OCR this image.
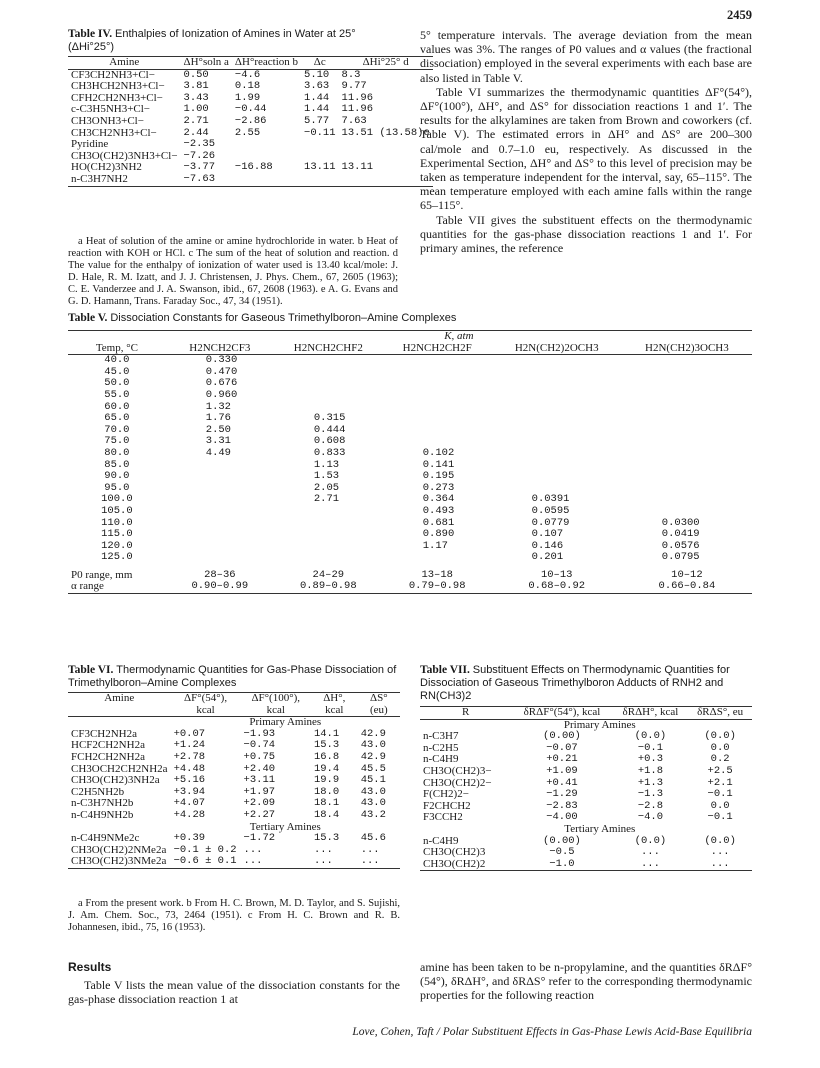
2459
Table IV. Enthalpies of Ionization of Amines in Water at 25° (ΔHi°25°)
Amine	ΔH°soln a	ΔH°reaction b	Δc	ΔHi°25° d
CF3CH2NH3+Cl−	0.50	−4.6	5.10	8.3
CH3HCH2NH3+Cl−	3.81	0.18	3.63	9.77
CFH2CH2NH3+Cl−	3.43	1.99	1.44	11.96
c-C3H5NH3+Cl−	1.00	−0.44	1.44	11.96
CH3ONH3+Cl−	2.71	−2.86	5.77	7.63
CH3CH2NH3+Cl−	2.44	2.55	−0.11	13.51 (13.58)e
Pyridine	−2.35			
CH3O(CH2)3NH3+Cl−	−7.26			
HO(CH2)3NH2	−3.77	−16.88	13.11	13.11
n-C3H7NH2	−7.63			

a Heat of solution of the amine or amine hydrochloride in water. b Heat of reaction with KOH or HCl. c The sum of the heat of solution and reaction. d The value for the enthalpy of ionization of water used is 13.40 kcal/mole: J. D. Hale, R. M. Izatt, and J. J. Christensen, J. Phys. Chem., 67, 2605 (1963); C. E. Vanderzee and J. A. Swanson, ibid., 67, 2608 (1963). e A. G. Evans and G. D. Hamann, Trans. Faraday Soc., 47, 34 (1951).

5° temperature intervals. The average deviation from the mean values was 3%. The ranges of P0 values and α values (the fractional dissociation) employed in the several experiments with each base are also listed in Table V.

Table VI summarizes the thermodynamic quantities ΔF°(54°), ΔF°(100°), ΔH°, and ΔS° for dissociation reactions 1 and 1′. The results for the alkylamines are taken from Brown and coworkers (cf. Table V). The estimated errors in ΔH° and ΔS° are 200–300 cal/mole and 0.7–1.0 eu, respectively. As discussed in the Experimental Section, ΔH° and ΔS° to this level of precision may be taken as temperature independent for the interval, say, 65–115°. The mean temperature employed with each amine falls within the range 65–115°.

Table VII gives the substituent effects on the thermodynamic quantities for the gas-phase dissociation reactions 1 and 1′. For primary amines, the reference

Table V. Dissociation Constants for Gaseous Trimethylboron–Amine Complexes
	K, atm				
Temp, °C	H2NCH2CF3	H2NCH2CHF2	H2NCH2CH2F	H2N(CH2)2OCH3	H2N(CH2)3OCH3
40.0	0.330				
45.0	0.470				
50.0	0.676				
55.0	0.960				
60.0	1.32				
65.0	1.76	0.315			
70.0	2.50	0.444			
75.0	3.31	0.608			
80.0	4.49	0.833	0.102		
85.0		1.13	0.141		
90.0		1.53	0.195		
95.0		2.05	0.273		
100.0		2.71	0.364	0.0391	
105.0			0.493	0.0595	
110.0			0.681	0.0779	0.0300
115.0			0.890	0.107	0.0419
120.0			1.17	0.146	0.0576
125.0				0.201	0.0795

P0 range, mm	28–36	24–29	13–18	10–13	10–12
α range	0.90–0.99	0.89–0.98	0.79–0.98	0.68–0.92	0.66–0.84
Table VI. Thermodynamic Quantities for Gas-Phase Dissociation of Trimethylboron–Amine Complexes
Amine	ΔF°(54°), kcal	ΔF°(100°), kcal	ΔH°, kcal	ΔS° (eu)
	Primary Amines			
CF3CH2NH2a	+0.07	−1.93	14.1	42.9
HCF2CH2NH2a	+1.24	−0.74	15.3	43.0
FCH2CH2NH2a	+2.78	+0.75	16.8	42.9
CH3OCH2CH2NH2a	+4.48	+2.40	19.4	45.5
CH3O(CH2)3NH2a	+5.16	+3.11	19.9	45.1
C2H5NH2b	+3.94	+1.97	18.0	43.0
n-C3H7NH2b	+4.07	+2.09	18.1	43.0
n-C4H9NH2b	+4.28	+2.27	18.4	43.2
	Tertiary Amines			
n-C4H9NMe2c	+0.39	−1.72	15.3	45.6
CH3O(CH2)2NMe2a	−0.1 ± 0.2	...	...	...
CH3O(CH2)3NMe2a	−0.6 ± 0.1	...	...	...

a From the present work. b From H. C. Brown, M. D. Taylor, and S. Sujishi, J. Am. Chem. Soc., 73, 2464 (1951). c From H. C. Brown and R. B. Johannesen, ibid., 75, 16 (1953).

Table VII. Substituent Effects on Thermodynamic Quantities for Dissociation of Gaseous Trimethylboron Adducts of RNH2 and RN(CH3)2
R	δRΔF°(54°), kcal	δRΔH°, kcal	δRΔS°, eu
	Primary Amines		
n-C3H7	(0.00)	(0.0)	(0.0)
n-C2H5	−0.07	−0.1	0.0
n-C4H9	+0.21	+0.3	0.2
CH3O(CH2)3−	+1.09	+1.8	+2.5
CH3O(CH2)2−	+0.41	+1.3	+2.1
F(CH2)2−	−1.29	−1.3	−0.1
F2CHCH2	−2.83	−2.8	0.0
F3CCH2	−4.00	−4.0	−0.1
	Tertiary Amines		
n-C4H9	(0.00)	(0.0)	(0.0)
CH3O(CH2)3	−0.5	...	...
CH3O(CH2)2	−1.0	...	...
Results

Table V lists the mean value of the dissociation constants for the gas-phase dissociation reaction 1 at

amine has been taken to be n-propylamine, and the quantities δRΔF°(54°), δRΔH°, and δRΔS° refer to the corresponding thermodynamic properties for the following reaction

Love, Cohen, Taft / Polar Substituent Effects in Gas-Phase Lewis Acid-Base Equilibria
